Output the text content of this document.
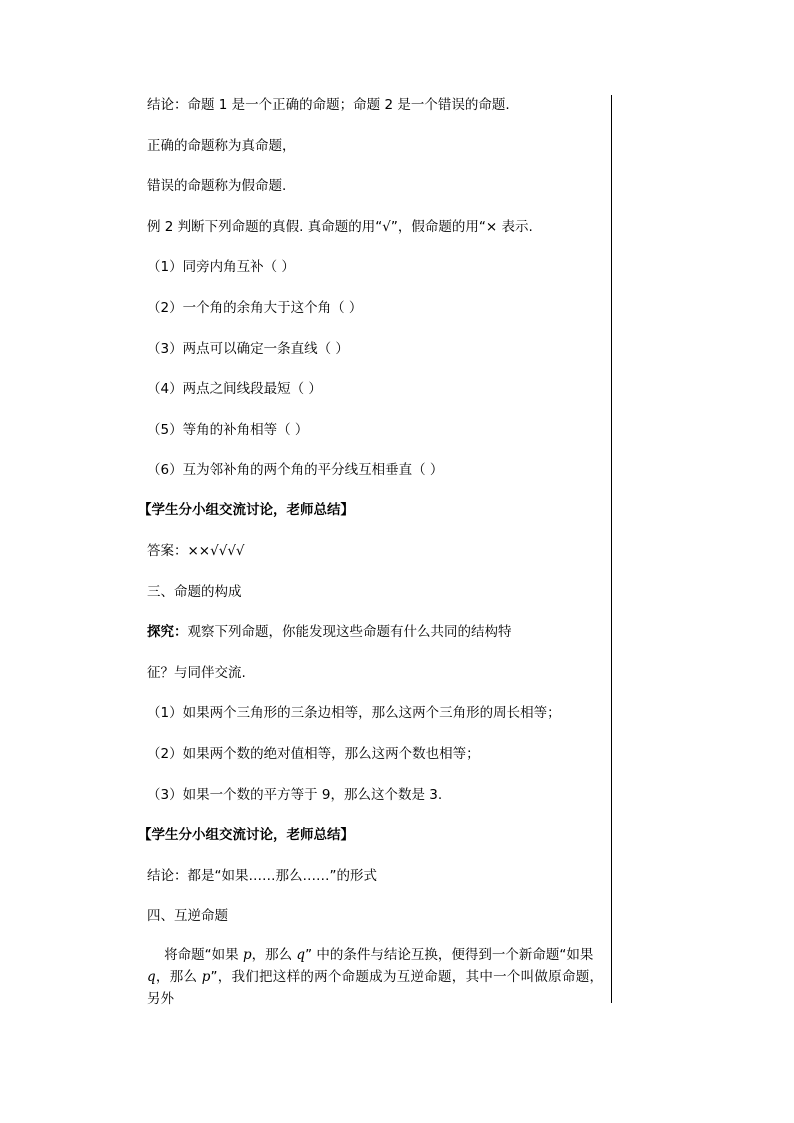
结论：命题 1 是一个正确的命题；命题 2 是一个错误的命题.
正确的命题称为真命题，
错误的命题称为假命题.
例 2 判断下列命题的真假. 真命题的用“√”，假命题的用“× 表示.
（1）同旁内角互补（ ）
（2）一个角的余角大于这个角（ ）
（3）两点可以确定一条直线（ ）
（4）两点之间线段最短（ ）
（5）等角的补角相等（ ）
（6）互为邻补角的两个角的平分线互相垂直（ ）
【学生分小组交流讨论，老师总结】
答案：××√√√√
三、命题的构成
探究：观察下列命题，你能发现这些命题有什么共同的结构特
征？与同伴交流.
（1）如果两个三角形的三条边相等，那么这两个三角形的周长相等；
（2）如果两个数的绝对值相等，那么这两个数也相等；
（3）如果一个数的平方等于 9，那么这个数是 3.
【学生分小组交流讨论，老师总结】
结论：都是“如果……那么……”的形式
四、互逆命题
将命题“如果 p，那么 q” 中的条件与结论互换，便得到一个新命题“如果
q，那么 p”，我们把这样的两个命题成为互逆命题，其中一个叫做原命题，另外
